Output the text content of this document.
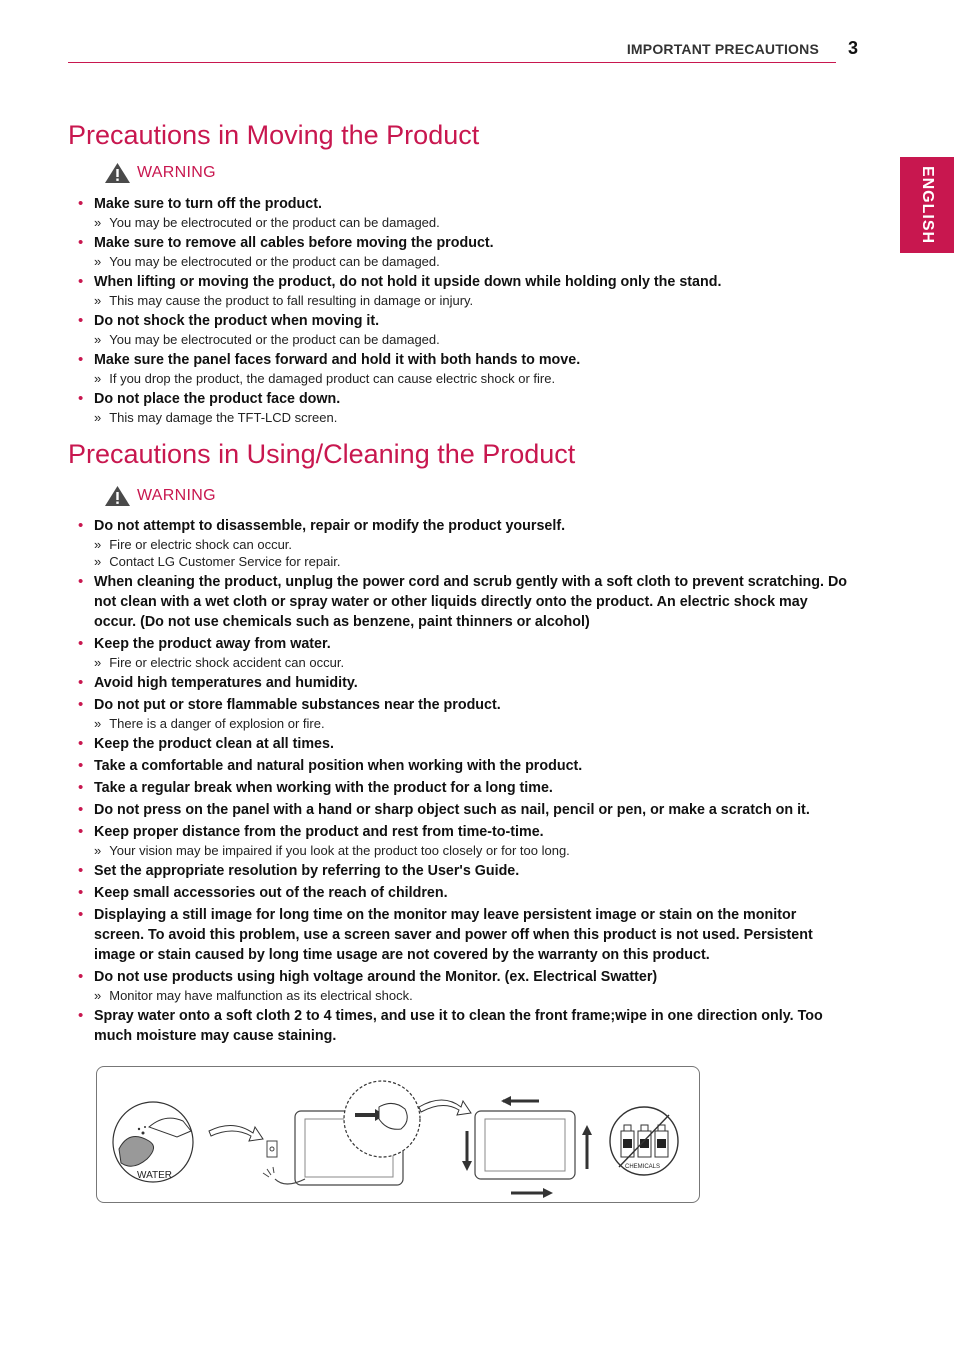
IMPORTANT PRECAUTIONS 3
ENGLISH
Precautions in Moving the Product
WARNING
• Make sure to turn off the product.
» You may be electrocuted or the product can be damaged.
• Make sure to remove all cables before moving the product.
» You may be electrocuted or the product can be damaged.
• When lifting or moving the product, do not hold it upside down while holding only the stand.
» This may cause the product to fall resulting in damage or injury.
• Do not shock the product when moving it.
» You may be electrocuted or the product can be damaged.
• Make sure the panel faces forward and hold it with both hands to move.
» If you drop the product, the damaged product can cause electric shock or fire.
• Do not place the product face down.
» This may damage the TFT-LCD screen.
Precautions in Using/Cleaning the Product
WARNING
• Do not attempt to disassemble, repair or modify the product yourself.
» Fire or electric shock can occur.
» Contact LG Customer Service for repair.
• When cleaning the product, unplug the power cord and scrub gently with a soft cloth to prevent scratching. Do not clean with a wet cloth or spray water or other liquids directly onto the product. An electric shock may occur. (Do not use chemicals such as benzene, paint thinners or alcohol)
• Keep the product away from water.
» Fire or electric shock accident can occur.
• Avoid high temperatures and humidity.
• Do not put or store flammable substances near the product.
» There is a danger of explosion or fire.
• Keep the product clean at all times.
• Take a comfortable and natural position when working with the product.
• Take a regular break when working with the product for a long time.
• Do not press on the panel with a hand or sharp object such as nail, pencil or pen, or make a scratch on it.
• Keep proper distance from the product and rest from time-to-time.
» Your vision may be impaired if you look at the product too closely or for too long.
• Set the appropriate resolution by referring to the User's Guide.
• Keep small accessories out of the reach of children.
• Displaying a still image for long time on the monitor may leave persistent image or stain on the monitor screen. To avoid this problem, use a screen saver and power off when this product is not used. Persistent image or stain caused by long time usage are not covered by the warranty on this product.
• Do not use products using high voltage around the Monitor. (ex. Electrical Swatter)
» Monitor may have malfunction as its electrical shock.
• Spray water onto a soft cloth 2 to 4 times, and use it to clean the front frame;wipe in one direction only. Too much moisture may cause staining.
WATER
CHEMICALS
